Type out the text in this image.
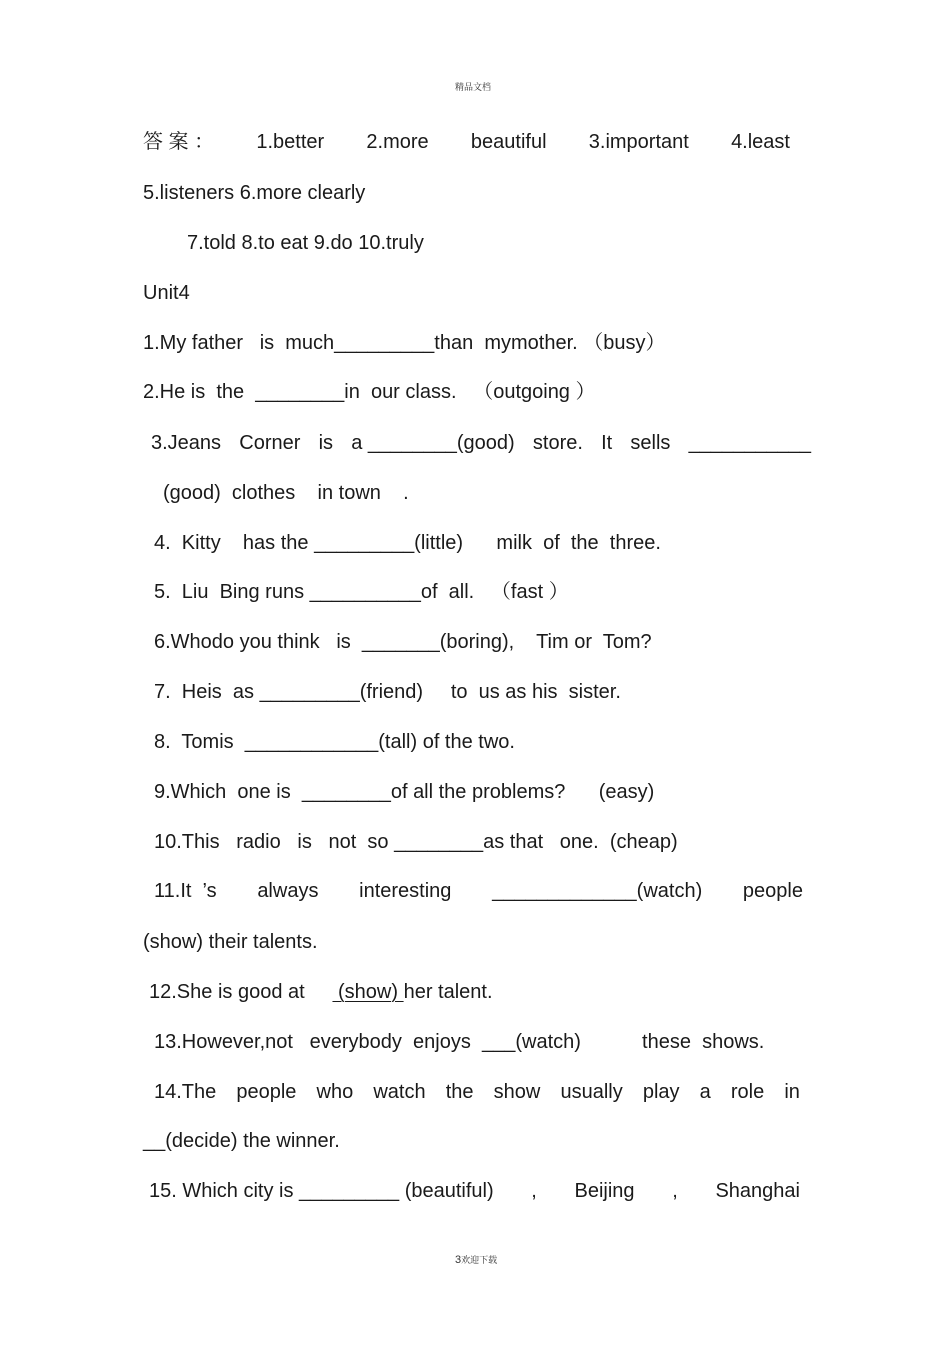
精品文档
答 案 ： 1.better 2.more beautiful 3.important 4.least
5.listeners 6.more clearly
7.told 8.to eat 9.do 10.truly
Unit4
1.My father   is  much_________than  mymother. （busy）
2.He is  the  ________in  our class.   （outgoing ）
3.Jeans Corner is a ________(good) store. It sells ___________
(good)  clothes    in town    .
4.  Kitty    has the _________(little)      milk  of  the  three.
5.  Liu  Bing runs __________of  all.   （fast ）
6.Whodo you think   is  _______(boring),    Tim or  Tom?
7.  Heis  as _________(friend)     to  us as his  sister.
8.  Tomis  ____________(tall) of the two.
9.Which  one is  ________of all the problems?      (easy)
10.This   radio   is   not  so ________as that   one.  (cheap)
11.It  ’s always interesting _____________(watch) people
(show) their talents.
12.She is good at      (show) her talent.
13.However,not   everybody  enjoys  ___(watch)           these  shows.
14.The people who watch the show usually play a role in
__(decide) the winner.
15. Which city is _________ (beautiful) , Beijing , Shanghai
3欢迎下载
